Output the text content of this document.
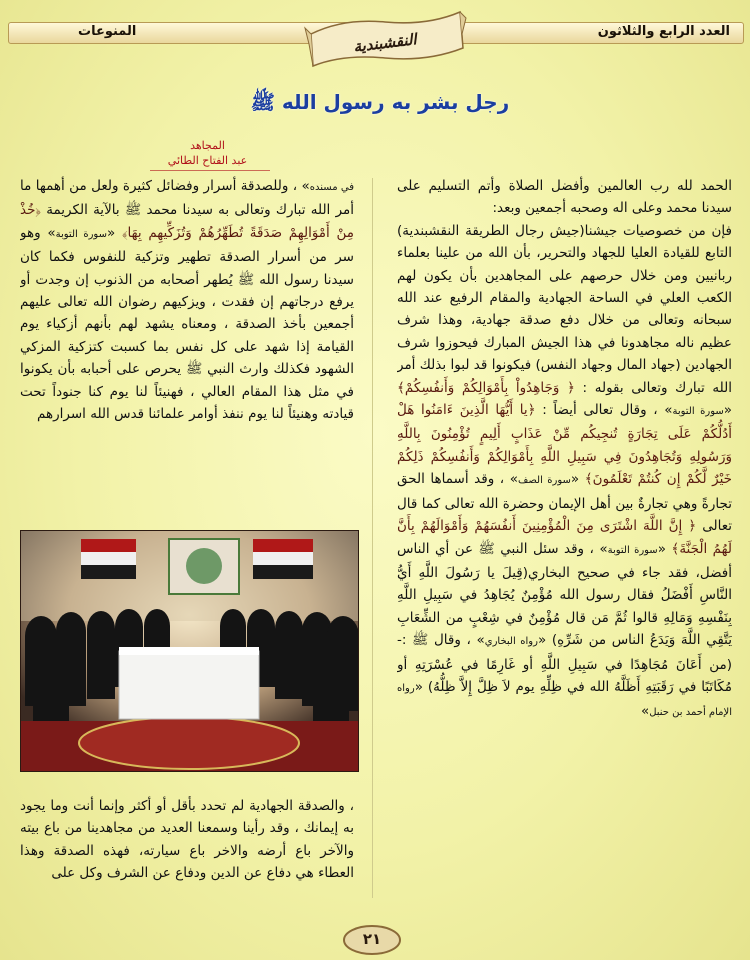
العدد الرابع والثلاثون
المنوعات	النقشبندية
رجل بشر به رسول الله ﷺ
المجاهد
عبد الفتاح الطائي

الحمد لله رب العالمين وأفضل الصلاة وأتم التسليم على سيدنا محمد وعلى اله وصحبه أجمعين وبعد:

فإن من خصوصيات جيشنا(جيش رجال الطريقة النقشبندية) التابع للقيادة العليا للجهاد والتحرير، بأن الله من علينا بعلماء ربانيين ومن خلال حرصهم على المجاهدين بأن يكون لهم الكعب العلي في الساحة الجهادية والمقام الرفيع عند الله سبحانه وتعالى من خلال دفع صدقة جهادية، وهذا شرف عظيم ناله مجاهدونا في هذا الجيش المبارك فيحوزوا شرف الجهادين (جهاد المال وجهاد النفس) فيكونوا قد لبوا بذلك أمر الله تبارك وتعالى بقوله : ﴿ وَجَاهِدُواْ بِأَمْوَالِكُمْ وَأَنفُسِكُمْ﴾ «سورة التوبة» ، وقال تعالى أيضاً : ﴿يا أَيُّهَا الَّذِينَ ءَامَنُوا هَلْ أَدُلُّكُمْ عَلَى تِجَارَةٍ تُنجِيكُم مِّنْ عَذَابٍ أَلِيمٍ تُؤْمِنُونَ بِاللَّهِ وَرَسُولِهِ وَتُجَاهِدُونَ فِي سَبِيلِ اللَّهِ بِأَمْوَالِكُمْ وَأَنفُسِكُمْ ذَلِكُمْ خَيْرٌ لَّكُمْ إِن كُنتُمْ تَعْلَمُونَ﴾ «سورة الصف» ، وقد أسماها الحق تجارةً وهي تجارةٌ بين أهل الإيمان وحضرة الله تعالى كما قال تعالى ﴿ إِنَّ اللَّهَ اشْتَرَى مِنَ الْمُؤْمِنِينَ أَنفُسَهُمْ وَأَمْوَالَهُمْ بِأَنَّ لَهُمُ الْجَنَّةَ﴾ «سورة التوبة» ، وقد سئل النبي ﷺ عن أي الناس أفضل، فقد جاء في صحيح البخاري(قِيلَ يا رَسُولَ اللَّهِ أَيُّ النَّاسِ أَفْضَلُ فقال رسول الله مُؤْمِنٌ يُجَاهِدُ في سَبِيلِ اللَّهِ بِنَفْسِهِ وَمَالِهِ قالوا ثُمَّ مَن قال مُؤْمِنٌ في شِعْبٍ من الشِّعَابِ يَتَّقِي اللَّهَ وَيَدَعُ الناس من شَرِّهِ) «رواه البخاري» ، وقال ﷺ :- (من أَعَانَ مُجَاهِدًا في سَبِيلِ اللَّهِ أو غَارِمًا في عُسْرَتِهِ أو مُكَاتَبًا في رَقَبَتِهِ أَظَلَّهُ الله في ظِلِّهِ يوم لاَ ظِلَّ إِلاَّ ظِلُّهُ) «رواه الإمام أحمد بن حنبل»

في مسنده» ، وللصدقة أسرار وفضائل كثيرة ولعل من أهمها ما أمر الله تبارك وتعالى به سيدنا محمد ﷺ بالآية الكريمة ﴿خُذْ مِنْ أَمْوَالِهِمْ صَدَقَةً تُطَهِّرُهُمْ وَتُزَكِّيهِم بِهَا﴾ «سورة التوبة» وهو سر من أسرار الصدقة تطهير وتزكية للنفوس فكما كان سيدنا رسول الله ﷺ يُطهر أصحابه من الذنوب إن وجدت أو يرفع درجاتهم إن فقدت ، ويزكيهم رضوان الله تعالى عليهم أجمعين بأخذ الصدقة ، ومعناه يشهد لهم بأنهم أزكياء يوم القيامة إذا شهد على كل نفس بما كسبت كتزكية المزكي الشهود فكذلك وارث النبي ﷺ يحرص على أحبابه بأن يكونوا في مثل هذا المقام العالي ، فهنيئاً لنا يوم كنا جنوداً تحت قيادته وهنيئاً لنا يوم ننفذ أوامر علمائنا قدس الله اسرارهم

، والصدقة الجهادية لم تحدد بأقل أو أكثر وإنما أنت وما يجود به إيمانك ، وقد رأينا وسمعنا العديد من مجاهدينا من باع بيته والآخر باع أرضه والاخر باع سيارته، فهذه الصدقة وهذا العطاء هي دفاع عن الدين ودفاع عن الشرف وكل على

٢١
